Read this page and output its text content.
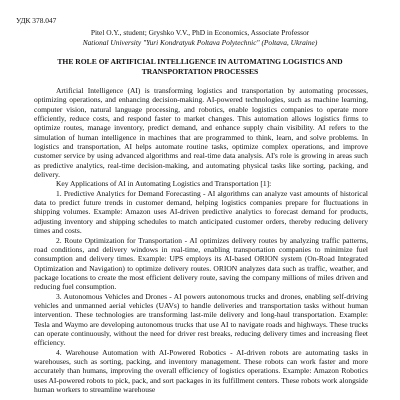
УДК 378.047
Pitel O.Y., student; Gryshko V.V., PhD in Economics, Associate Professor
National University "Yuri Kondratyuk Poltava Polytechnic" (Poltava, Ukraine)
THE ROLE OF ARTIFICIAL INTELLIGENCE IN AUTOMATING LOGISTICS AND TRANSPORTATION PROCESSES

Artificial Intelligence (AI) is transforming logistics and transportation by automating processes, optimizing operations, and enhancing decision-making. AI-powered technologies, such as machine learning, computer vision, natural language processing, and robotics, enable logistics companies to operate more efficiently, reduce costs, and respond faster to market changes. This automation allows logistics firms to optimize routes, manage inventory, predict demand, and enhance supply chain visibility. AI refers to the simulation of human intelligence in machines that are programmed to think, learn, and solve problems. In logistics and transportation, AI helps automate routine tasks, optimize complex operations, and improve customer service by using advanced algorithms and real-time data analysis. AI's role is growing in areas such as predictive analytics, real-time decision-making, and automating physical tasks like sorting, packing, and delivery.

Key Applications of AI in Automating Logistics and Transportation [1]:

1. Predictive Analytics for Demand Forecasting - AI algorithms can analyze vast amounts of historical data to predict future trends in customer demand, helping logistics companies prepare for fluctuations in shipping volumes. Example: Amazon uses AI-driven predictive analytics to forecast demand for products, adjusting inventory and shipping schedules to match anticipated customer orders, thereby reducing delivery times and costs.

2. Route Optimization for Transportation - AI optimizes delivery routes by analyzing traffic patterns, road conditions, and delivery windows in real-time, enabling transportation companies to minimize fuel consumption and delivery times. Example: UPS employs its AI-based ORION system (On-Road Integrated Optimization and Navigation) to optimize delivery routes. ORION analyzes data such as traffic, weather, and package locations to create the most efficient delivery route, saving the company millions of miles driven and reducing fuel consumption.

3. Autonomous Vehicles and Drones - AI powers autonomous trucks and drones, enabling self-driving vehicles and unmanned aerial vehicles (UAVs) to handle deliveries and transportation tasks without human intervention. These technologies are transforming last-mile delivery and long-haul transportation. Example: Tesla and Waymo are developing autonomous trucks that use AI to navigate roads and highways. These trucks can operate continuously, without the need for driver rest breaks, reducing delivery times and increasing fleet efficiency.

4. Warehouse Automation with AI-Powered Robotics - AI-driven robots are automating tasks in warehouses, such as sorting, packing, and inventory management. These robots can work faster and more accurately than humans, improving the overall efficiency of logistics operations. Example: Amazon Robotics uses AI-powered robots to pick, pack, and sort packages in its fulfillment centers. These robots work alongside human workers to streamline warehouse
